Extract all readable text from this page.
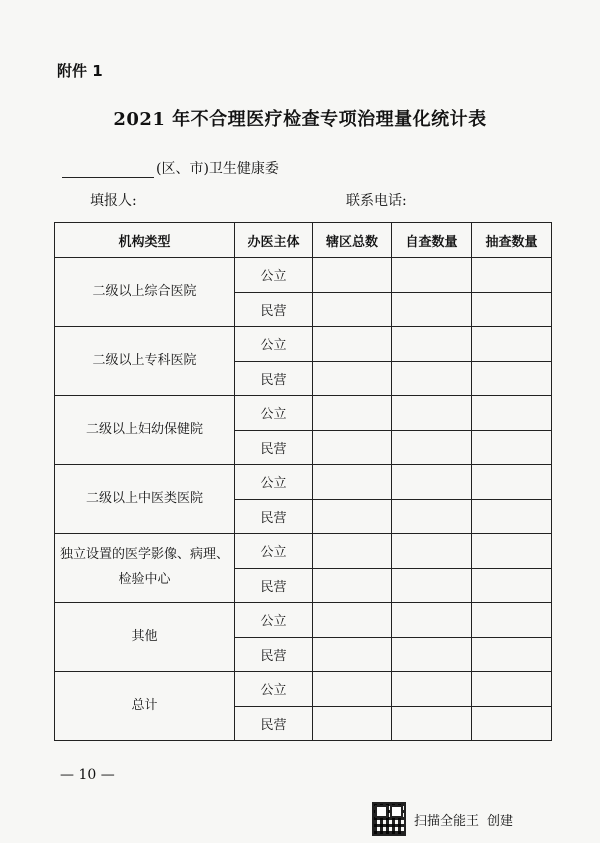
附件 1
2021 年不合理医疗检查专项治理量化统计表
(区、市)卫生健康委
填报人:	联系电话:
机构类型	办医主体	辖区总数	自查数量	抽查数量
二级以上综合医院	公立			
	民营			
二级以上专科医院	公立			
	民营			
二级以上妇幼保健院	公立			
	民营			
二级以上中医类医院	公立			
	民营			
独立设置的医学影像、病理、检验中心	公立			
	民营			
其他	公立			
	民营			
总计	公立			
	民营			
— 10 —
扫描全能王 创建
